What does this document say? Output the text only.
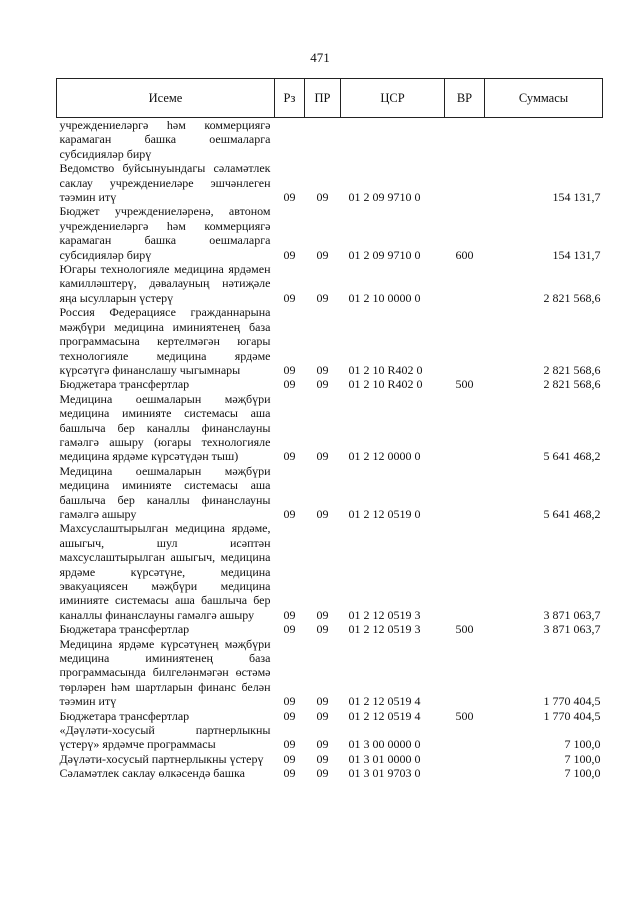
471
Исеме	Рз	ПР	ЦСР	ВР	Суммасы
учреждениеләргә һәм коммерциягә карамаган башка оешмаларга субсидияләр бирү					
Ведомство буйсынуындагы сәламәтлек саклау учреждениеләре эшчәнлеген тәэмин итү	09	09	01 2 09 9710 0		154 131,7
Бюджет учреждениеләренә, автоном учреждениеләргә һәм коммерциягә карамаган башка оешмаларга субсидияләр бирү	09	09	01 2 09 9710 0	600	154 131,7
Югары технологияле медицина ярдәмен камилләштерү, дәвалауның нәтиҗәле яңа ысулларын үстерү	09	09	01 2 10 0000 0		2 821 568,6
Россия Федерациясе гражданнарына мәҗбүри медицина иминиятенең база программасына кертелмәгән югары технологияле медицина ярдәме күрсәтүгә финанслашу чыгымнары	09	09	01 2 10 R402 0		2 821 568,6
Бюджетара трансфертлар	09	09	01 2 10 R402 0	500	2 821 568,6
Медицина оешмаларын мәҗбүри медицина иминияте системасы аша башлыча бер каналлы финанслауны гамәлгә ашыру (югары технологияле медицина ярдәме күрсәтүдән тыш)	09	09	01 2 12 0000 0		5 641 468,2
Медицина оешмаларын мәҗбүри медицина иминияте системасы аша башлыча бер каналлы финанслауны гамәлгә ашыру	09	09	01 2 12 0519 0		5 641 468,2
Махсуслаштырылган медицина ярдәме, ашыгыч, шул исәптән махсуслаштырылган ашыгыч, медицина ярдәме күрсәтүне, медицина эвакуациясен мәҗбүри медицина иминияте системасы аша башлыча бер каналлы финанслауны гамәлгә ашыру	09	09	01 2 12 0519 3		3 871 063,7
Бюджетара трансфертлар	09	09	01 2 12 0519 3	500	3 871 063,7
Медицина ярдәме күрсәтүнең мәҗбүри медицина иминиятенең база программасында билгеләнмәгән өстәмә төрләрен һәм шартларын финанс белән тәэмин итү	09	09	01 2 12 0519 4		1 770 404,5
Бюджетара трансфертлар	09	09	01 2 12 0519 4	500	1 770 404,5
«Дәүләти-хосусый партнерлыкны үстерү» ярдәмче программасы	09	09	01 3 00 0000 0		7 100,0
Дәүләти-хосусый партнерлыкны үстерү	09	09	01 3 01 0000 0		7 100,0
Сәламәтлек саклау өлкәсендә башка	09	09	01 3 01 9703 0		7 100,0
